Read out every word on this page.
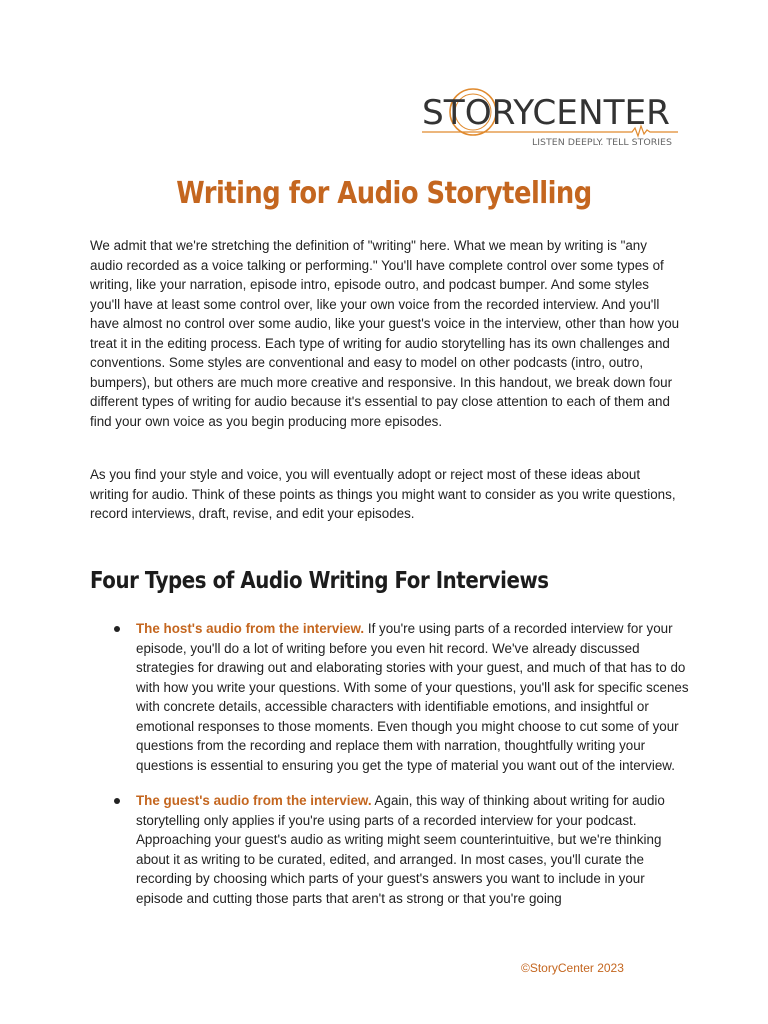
STORYCENTER
LISTEN DEEPLY. TELL STORIES
Writing for Audio Storytelling

We admit that we're stretching the definition of "writing" here. What we mean by writing is "any audio recorded as a voice talking or performing." You'll have complete control over some types of writing, like your narration, episode intro, episode outro, and podcast bumper. And some styles you'll have at least some control over, like your own voice from the recorded interview. And you'll have almost no control over some audio, like your guest's voice in the interview, other than how you treat it in the editing process. Each type of writing for audio storytelling has its own challenges and conventions. Some styles are conventional and easy to model on other podcasts (intro, outro, bumpers), but others are much more creative and responsive. In this handout, we break down four different types of writing for audio because it's essential to pay close attention to each of them and find your own voice as you begin producing more episodes.

As you find your style and voice, you will eventually adopt or reject most of these ideas about writing for audio. Think of these points as things you might want to consider as you write questions, record interviews, draft, revise, and edit your episodes.

Four Types of Audio Writing For Interviews
The host's audio from the interview. If you're using parts of a recorded interview for your episode, you'll do a lot of writing before you even hit record. We've already discussed strategies for drawing out and elaborating stories with your guest, and much of that has to do with how you write your questions. With some of your questions, you'll ask for specific scenes with concrete details, accessible characters with identifiable emotions, and insightful or emotional responses to those moments. Even though you might choose to cut some of your questions from the recording and replace them with narration, thoughtfully writing your questions is essential to ensuring you get the type of material you want out of the interview.
The guest's audio from the interview. Again, this way of thinking about writing for audio storytelling only applies if you're using parts of a recorded interview for your podcast. Approaching your guest's audio as writing might seem counterintuitive, but we're thinking about it as writing to be curated, edited, and arranged. In most cases, you'll curate the recording by choosing which parts of your guest's answers you want to include in your episode and cutting those parts that aren't as strong or that you're going
©StoryCenter 2023
